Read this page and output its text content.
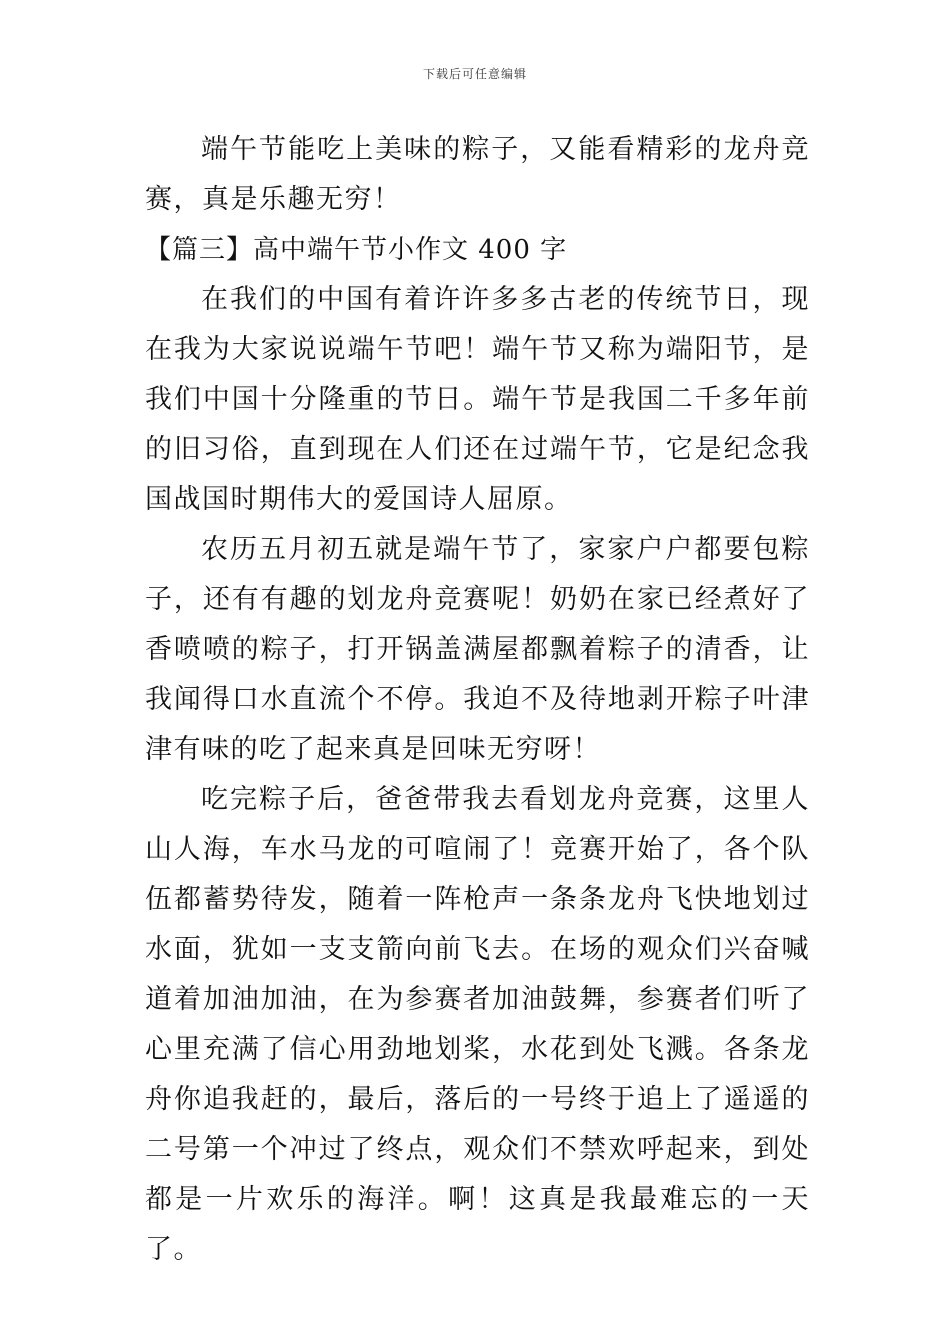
下载后可任意编辑

端午节能吃上美味的粽子，又能看精彩的龙舟竞赛，真是乐趣无穷！

【篇三】高中端午节小作文 400 字

在我们的中国有着许许多多古老的传统节日，现在我为大家说说端午节吧！端午节又称为端阳节，是我们中国十分隆重的节日。端午节是我国二千多年前的旧习俗，直到现在人们还在过端午节，它是纪念我国战国时期伟大的爱国诗人屈原。

农历五月初五就是端午节了，家家户户都要包粽子，还有有趣的划龙舟竞赛呢！奶奶在家已经煮好了香喷喷的粽子，打开锅盖满屋都飘着粽子的清香，让我闻得口水直流个不停。我迫不及待地剥开粽子叶津津有味的吃了起来真是回味无穷呀！

吃完粽子后，爸爸带我去看划龙舟竞赛，这里人山人海，车水马龙的可喧闹了！竞赛开始了，各个队伍都蓄势待发，随着一阵枪声一条条龙舟飞快地划过水面，犹如一支支箭向前飞去。在场的观众们兴奋喊道着加油加油，在为参赛者加油鼓舞，参赛者们听了心里充满了信心用劲地划桨，水花到处飞溅。各条龙舟你追我赶的，最后，落后的一号终于追上了遥遥的二号第一个冲过了终点，观众们不禁欢呼起来，到处都是一片欢乐的海洋。啊！这真是我最难忘的一天了。
